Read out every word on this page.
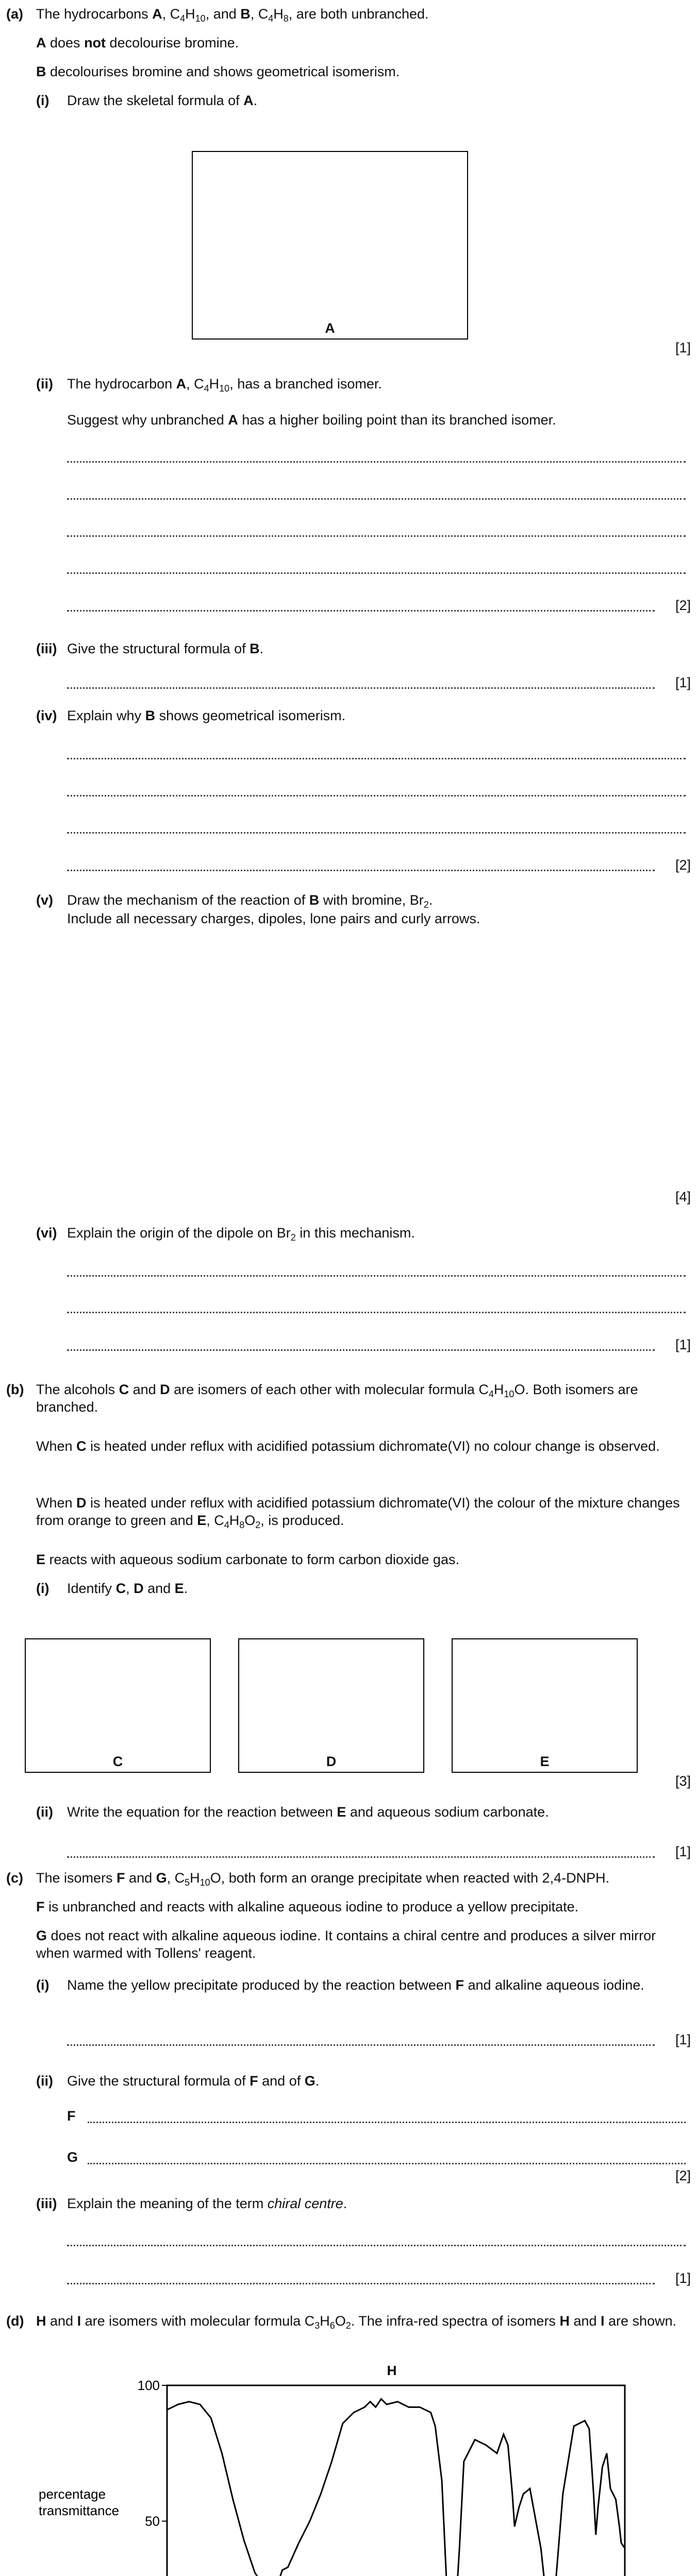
(a) The hydrocarbons A, $C_4H_{10}$, and B, $C_4H_8$, are both unbranched.
A does not decolourise bromine.
B decolourises bromine and shows geometrical isomerism.
(i) Draw the skeletal formula of A.
A
[1]
(ii) The hydrocarbon A, $C_4H_{10}$, has a branched isomer.
Suggest why unbranched A has a higher boiling point than its branched isomer.
[2]
(iii) Give the structural formula of B.
[1]
(iv) Explain why B shows geometrical isomerism.
[2]
(v) Draw the mechanism of the reaction of B with bromine, $Br_2$.
Include all necessary charges, dipoles, lone pairs and curly arrows.
[4]
(vi) Explain the origin of the dipole on $Br_2$ in this mechanism.
[1]
(b) The alcohols C and D are isomers of each other with molecular formula $C_4H_{10}O$. Both isomers are branched.
When C is heated under reflux with acidified potassium dichromate(VI) no colour change is observed.
When D is heated under reflux with acidified potassium dichromate(VI) the colour of the mixture changes from orange to green and E, $C_4H_8O_2$, is produced.
E reacts with aqueous sodium carbonate to form carbon dioxide gas.
(i) Identify C, D and E.
C	D	E
[3]
(ii) Write the equation for the reaction between E and aqueous sodium carbonate.
[1]
(c) The isomers F and G, $C_5H_{10}O$, both form an orange precipitate when reacted with 2,4-DNPH.
F is unbranched and reacts with alkaline aqueous iodine to produce a yellow precipitate.
G does not react with alkaline aqueous iodine. It contains a chiral centre and produces a silver mirror when warmed with Tollens' reagent.
(i) Name the yellow precipitate produced by the reaction between F and alkaline aqueous iodine.
[1]
(ii) Give the structural formula of F and of G.
F
G
[2]
(iii) Explain the meaning of the term chiral centre.
[1]
(d) H and I are isomers with molecular formula $C_3H_6O_2$. The infra-red spectra of isomers H and I are shown.
H
percentage
transmittance
50
100
